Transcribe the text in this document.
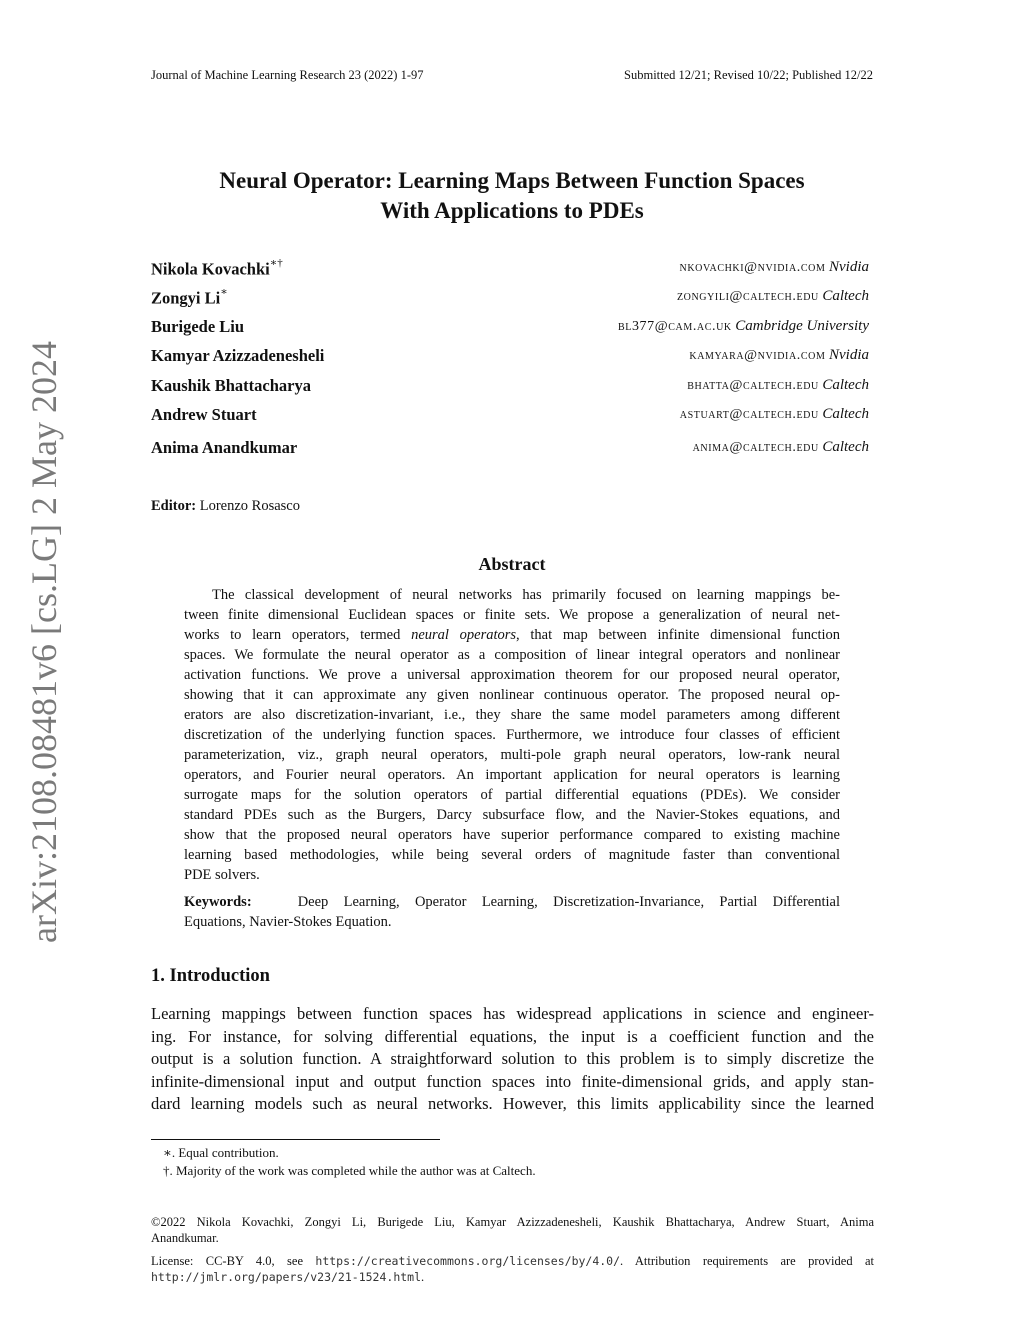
Journal of Machine Learning Research 23 (2022) 1-97	Submitted 12/21; Revised 10/22; Published 12/22
arXiv:2108.08481v6 [cs.LG] 2 May 2024
Neural Operator: Learning Maps Between Function Spaces
With Applications to PDEs
Nikola Kovachki∗†	nkovachki@nvidia.com Nvidia
Zongyi Li∗	zongyili@caltech.edu Caltech
Burigede Liu	bl377@cam.ac.uk Cambridge University
Kamyar Azizzadenesheli	kamyara@nvidia.com Nvidia
Kaushik Bhattacharya	bhatta@caltech.edu Caltech
Andrew Stuart	astuart@caltech.edu Caltech
Anima Anandkumar	anima@caltech.edu Caltech
Editor: Lorenzo Rosasco
Abstract
The classical development of neural networks has primarily focused on learning mappings be-
tween finite dimensional Euclidean spaces or finite sets. We propose a generalization of neural net-
works to learn operators, termed neural operators, that map between infinite dimensional function
spaces. We formulate the neural operator as a composition of linear integral operators and nonlinear
activation functions. We prove a universal approximation theorem for our proposed neural operator,
showing that it can approximate any given nonlinear continuous operator. The proposed neural op-
erators are also discretization-invariant, i.e., they share the same model parameters among different
discretization of the underlying function spaces. Furthermore, we introduce four classes of efficient
parameterization, viz., graph neural operators, multi-pole graph neural operators, low-rank neural
operators, and Fourier neural operators. An important application for neural operators is learning
surrogate maps for the solution operators of partial differential equations (PDEs). We consider
standard PDEs such as the Burgers, Darcy subsurface flow, and the Navier-Stokes equations, and
show that the proposed neural operators have superior performance compared to existing machine
learning based methodologies, while being several orders of magnitude faster than conventional
PDE solvers.
Keywords:	Deep Learning, Operator Learning, Discretization-Invariance, Partial Differential
Equations, Navier-Stokes Equation.
1. Introduction
Learning mappings between function spaces has widespread applications in science and engineer-
ing. For instance, for solving differential equations, the input is a coefficient function and the
output is a solution function. A straightforward solution to this problem is to simply discretize the
infinite-dimensional input and output function spaces into finite-dimensional grids, and apply stan-
dard learning models such as neural networks. However, this limits applicability since the learned
∗. Equal contribution.
†. Majority of the work was completed while the author was at Caltech.
©2022 Nikola Kovachki, Zongyi Li, Burigede Liu, Kamyar Azizzadenesheli, Kaushik Bhattacharya, Andrew Stuart, Anima
Anandkumar.
License: CC-BY 4.0, see https://creativecommons.org/licenses/by/4.0/. Attribution requirements are provided at
http://jmlr.org/papers/v23/21-1524.html.
